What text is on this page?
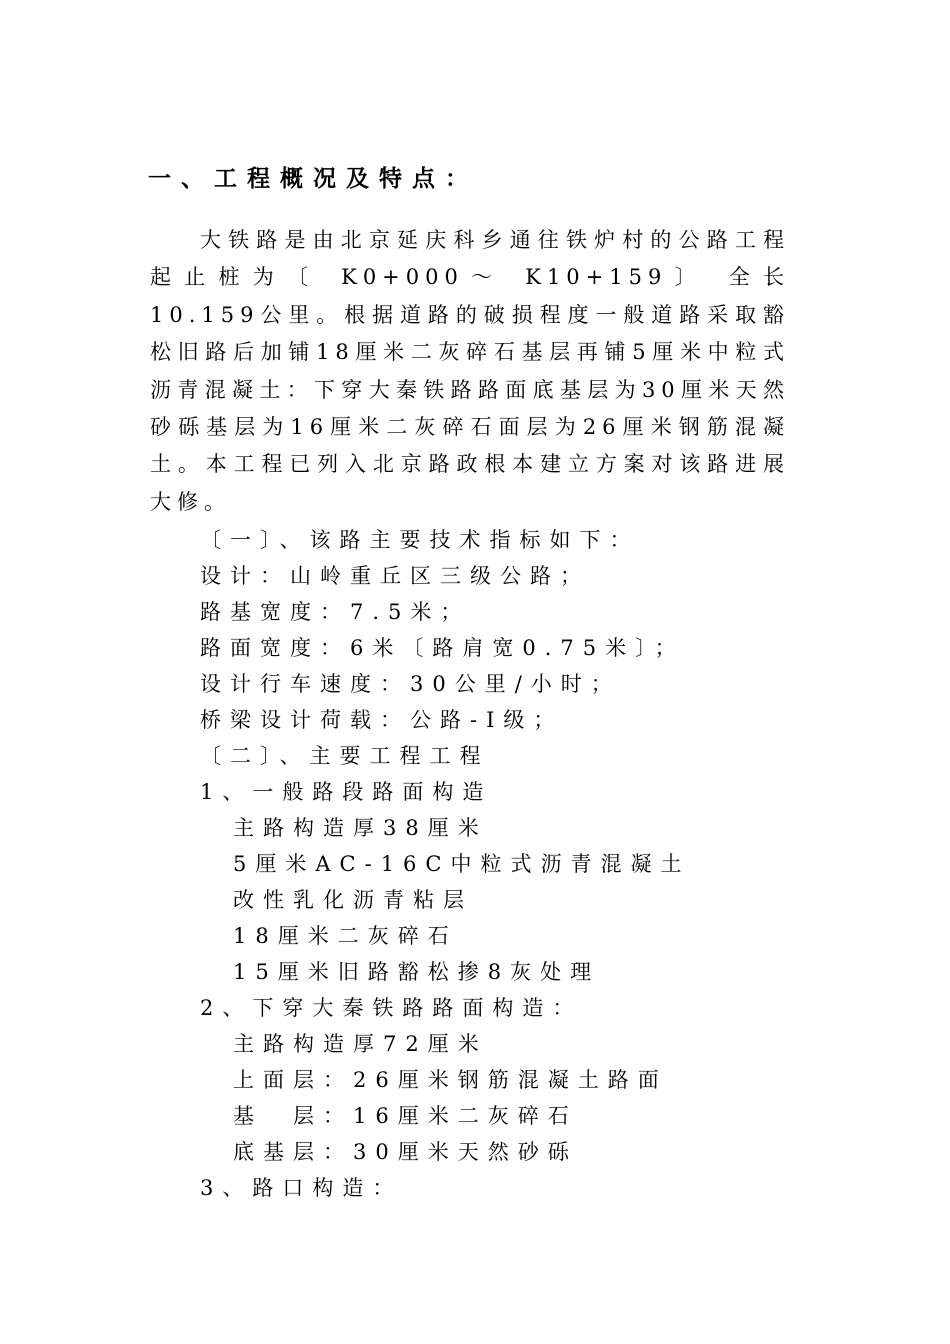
一、工程概况及特点：
大铁路是由北京延庆科乡通往铁炉村的公路工程起止桩为〔 K0+000～ K10+159〕 全长10.159公里。根据道路的破损程度一般道路采取豁松旧路后加铺18厘米二灰碎石基层再铺5厘米中粒式沥青混凝土：下穿大秦铁路路面底基层为30厘米天然砂砾基层为16厘米二灰碎石面层为26厘米钢筋混凝土。本工程已列入北京路政根本建立方案对该路进展大修。
〔一〕、该路主要技术指标如下：
设计：山岭重丘区三级公路；
路基宽度：7.5米；
路面宽度：6米〔路肩宽0.75米〕；
设计行车速度：30公里/小时；
桥梁设计荷载：公路-Ⅰ级；
〔二〕、主要工程工程
1、一般路段路面构造
主路构造厚38厘米
5厘米AC-16C中粒式沥青混凝土
改性乳化沥青粘层
18厘米二灰碎石
15厘米旧路豁松掺8灰处理
2、下穿大秦铁路路面构造：
主路构造厚72厘米
上面层：26厘米钢筋混凝土路面
基　层：16厘米二灰碎石
底基层：30厘米天然砂砾
3、路口构造：
